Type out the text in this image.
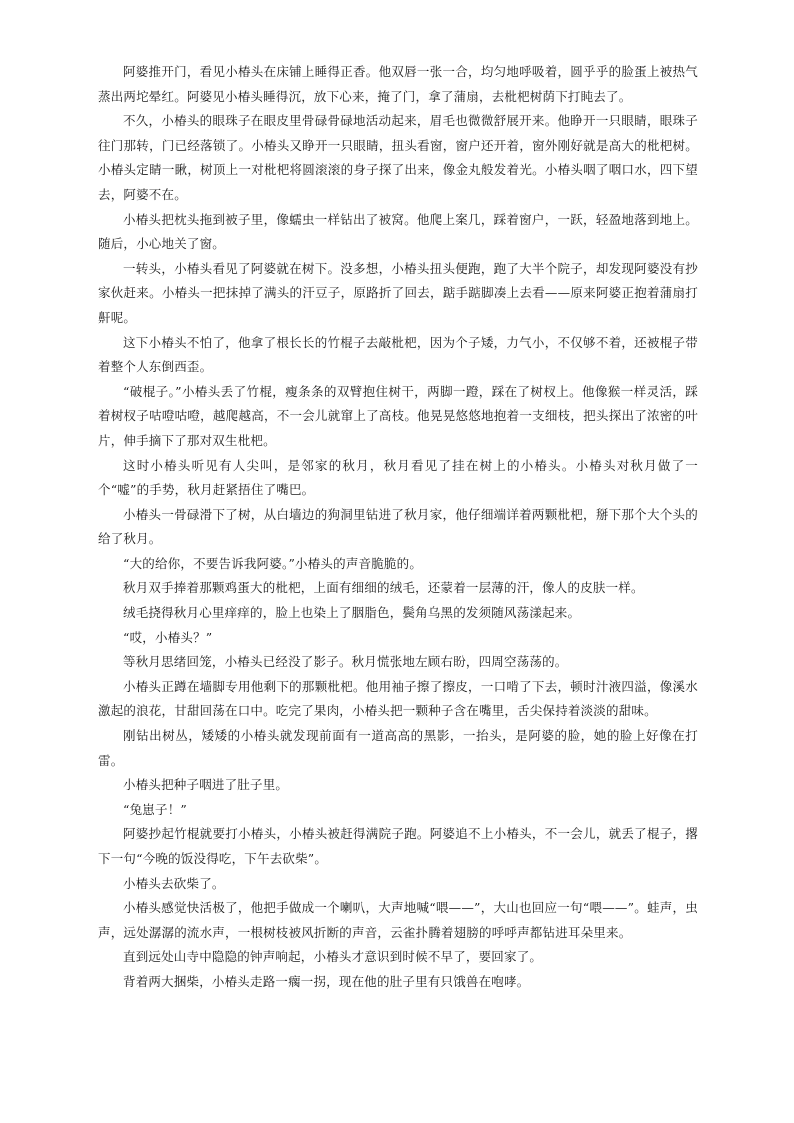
阿婆推开门，看见小椿头在床铺上睡得正香。他双唇一张一合，均匀地呼吸着，圆乎乎的脸蛋上被热气蒸出两坨晕红。阿婆见小椿头睡得沉，放下心来，掩了门，拿了蒲扇，去枇杷树荫下打盹去了。

不久，小椿头的眼珠子在眼皮里骨碌骨碌地活动起来，眉毛也微微舒展开来。他睁开一只眼睛，眼珠子往门那转，门已经落锁了。小椿头又睁开一只眼睛，扭头看窗，窗户还开着，窗外刚好就是高大的枇杷树。小椿头定睛一瞅，树顶上一对枇杷将圆滚滚的身子探了出来，像金丸般发着光。小椿头咽了咽口水，四下望去，阿婆不在。

小椿头把枕头拖到被子里，像蠕虫一样钻出了被窝。他爬上案几，踩着窗户，一跃，轻盈地落到地上。随后，小心地关了窗。

一转头，小椿头看见了阿婆就在树下。没多想，小椿头扭头便跑，跑了大半个院子，却发现阿婆没有抄家伙赶来。小椿头一把抹掉了满头的汗豆子，原路折了回去，踮手踮脚凑上去看——原来阿婆正抱着蒲扇打鼾呢。

这下小椿头不怕了，他拿了根长长的竹棍子去敲枇杷，因为个子矮，力气小，不仅够不着，还被棍子带着整个人东倒西歪。

“破棍子。”小椿头丢了竹棍，瘦条条的双臂抱住树干，两脚一蹬，踩在了树杈上。他像猴一样灵活，踩着树杈子咕噔咕噔，越爬越高，不一会儿就窜上了高枝。他晃晃悠悠地抱着一支细枝，把头探出了浓密的叶片，伸手摘下了那对双生枇杷。

这时小椿头听见有人尖叫，是邻家的秋月，秋月看见了挂在树上的小椿头。小椿头对秋月做了一个“嘘”的手势，秋月赶紧捂住了嘴巴。

小椿头一骨碌滑下了树，从白墙边的狗洞里钻进了秋月家，他仔细端详着两颗枇杷，掰下那个大个头的给了秋月。

“大的给你，不要告诉我阿婆。”小椿头的声音脆脆的。

秋月双手捧着那颗鸡蛋大的枇杷，上面有细细的绒毛，还蒙着一层薄的汗，像人的皮肤一样。

绒毛挠得秋月心里痒痒的，脸上也染上了胭脂色，鬓角乌黑的发须随风荡漾起来。

“哎，小椿头？”

等秋月思绪回笼，小椿头已经没了影子。秋月慌张地左顾右盼，四周空荡荡的。

小椿头正蹲在墙脚专用他剩下的那颗枇杷。他用袖子擦了擦皮，一口啃了下去，顿时汁液四溢，像溪水激起的浪花，甘甜回荡在口中。吃完了果肉，小椿头把一颗种子含在嘴里，舌尖保持着淡淡的甜味。

刚钻出树丛，矮矮的小椿头就发现前面有一道高高的黑影，一抬头，是阿婆的脸，她的脸上好像在打雷。

小椿头把种子咽进了肚子里。

“兔崽子！”

阿婆抄起竹棍就要打小椿头，小椿头被赶得满院子跑。阿婆追不上小椿头，不一会儿，就丢了棍子，撂下一句“今晚的饭没得吃，下午去砍柴”。

小椿头去砍柴了。

小椿头感觉快活极了，他把手做成一个喇叭，大声地喊“喂——”，大山也回应一句“喂——”。蛙声，虫声，远处潺潺的流水声，一根树枝被风折断的声音，云雀扑腾着翅膀的呼呼声都钻进耳朵里来。

直到远处山寺中隐隐的钟声响起，小椿头才意识到时候不早了，要回家了。

背着两大捆柴，小椿头走路一瘸一拐，现在他的肚子里有只饿兽在咆哮。
